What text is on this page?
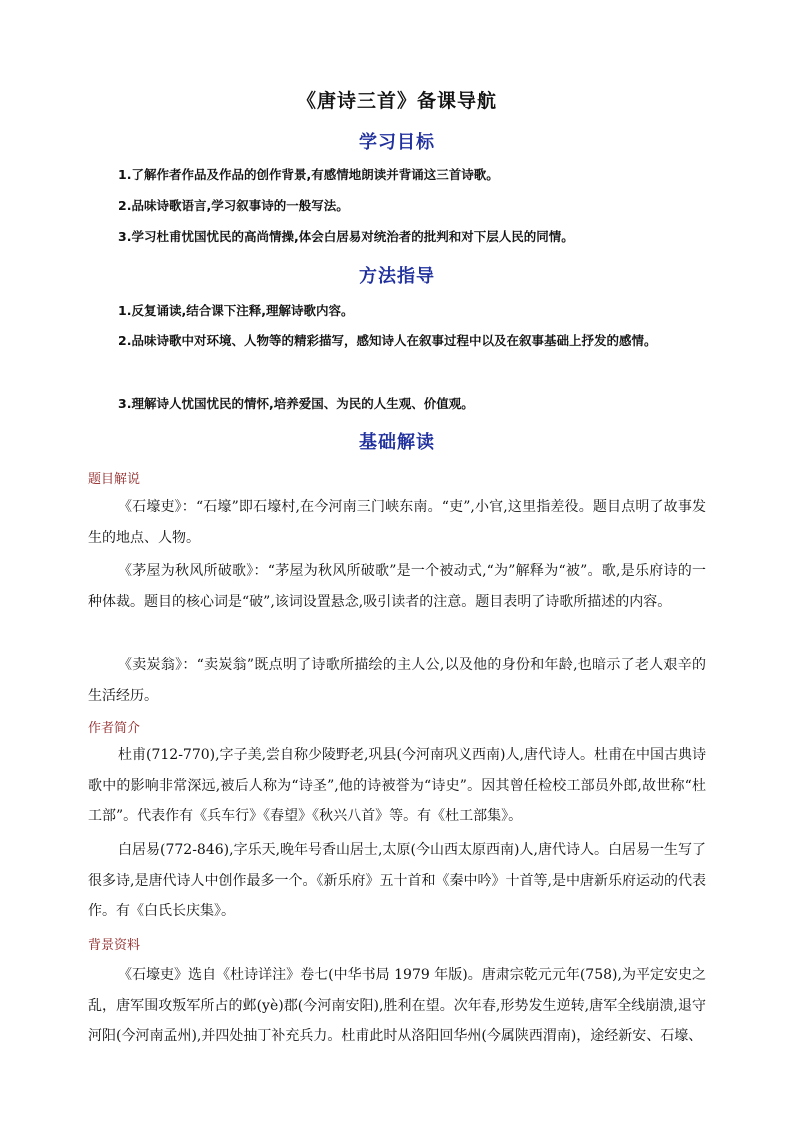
《唐诗三首》备课导航
学习目标
1.了解作者作品及作品的创作背景,有感情地朗读并背诵这三首诗歌。
2.品味诗歌语言,学习叙事诗的一般写法。
3.学习杜甫忧国忧民的高尚情操,体会白居易对统治者的批判和对下层人民的同情。
方法指导
1.反复诵读,结合课下注释,理解诗歌内容。
2.品味诗歌中对环境、人物等的精彩描写，感知诗人在叙事过程中以及在叙事基础上抒发的感情。
3.理解诗人忧国忧民的情怀,培养爱国、为民的人生观、价值观。
基础解读
题目解说
《石壕吏》：“石壕”即石壕村,在今河南三门峡东南。“吏”,小官,这里指差役。题目点明了故事发生的地点、人物。
《茅屋为秋风所破歌》：“茅屋为秋风所破歌”是一个被动式,“为”解释为“被”。歌,是乐府诗的一种体裁。题目的核心词是“破”,该词设置悬念,吸引读者的注意。题目表明了诗歌所描述的内容。
《卖炭翁》：“卖炭翁”既点明了诗歌所描绘的主人公,以及他的身份和年龄,也暗示了老人艰辛的生活经历。
作者简介
杜甫(712-770),字子美,尝自称少陵野老,巩县(今河南巩义西南)人,唐代诗人。杜甫在中国古典诗歌中的影响非常深远,被后人称为“诗圣”,他的诗被誉为“诗史”。因其曾任检校工部员外郎,故世称“杜工部”。代表作有《兵车行》《春望》《秋兴八首》等。有《杜工部集》。
白居易(772-846),字乐天,晚年号香山居士,太原(今山西太原西南)人,唐代诗人。白居易一生写了很多诗,是唐代诗人中创作最多一个。《新乐府》五十首和《秦中吟》十首等,是中唐新乐府运动的代表作。有《白氏长庆集》。
背景资料
《石壕吏》选自《杜诗详注》卷七(中华书局 1979 年版)。唐肃宗乾元元年(758),为平定安史之乱，唐军围攻叛军所占的邺(yè)郡(今河南安阳),胜利在望。次年春,形势发生逆转,唐军全线崩溃,退守河阳(今河南孟州),并四处抽丁补充兵力。杜甫此时从洛阳回华州(今属陕西渭南)，途经新安、石壕、
